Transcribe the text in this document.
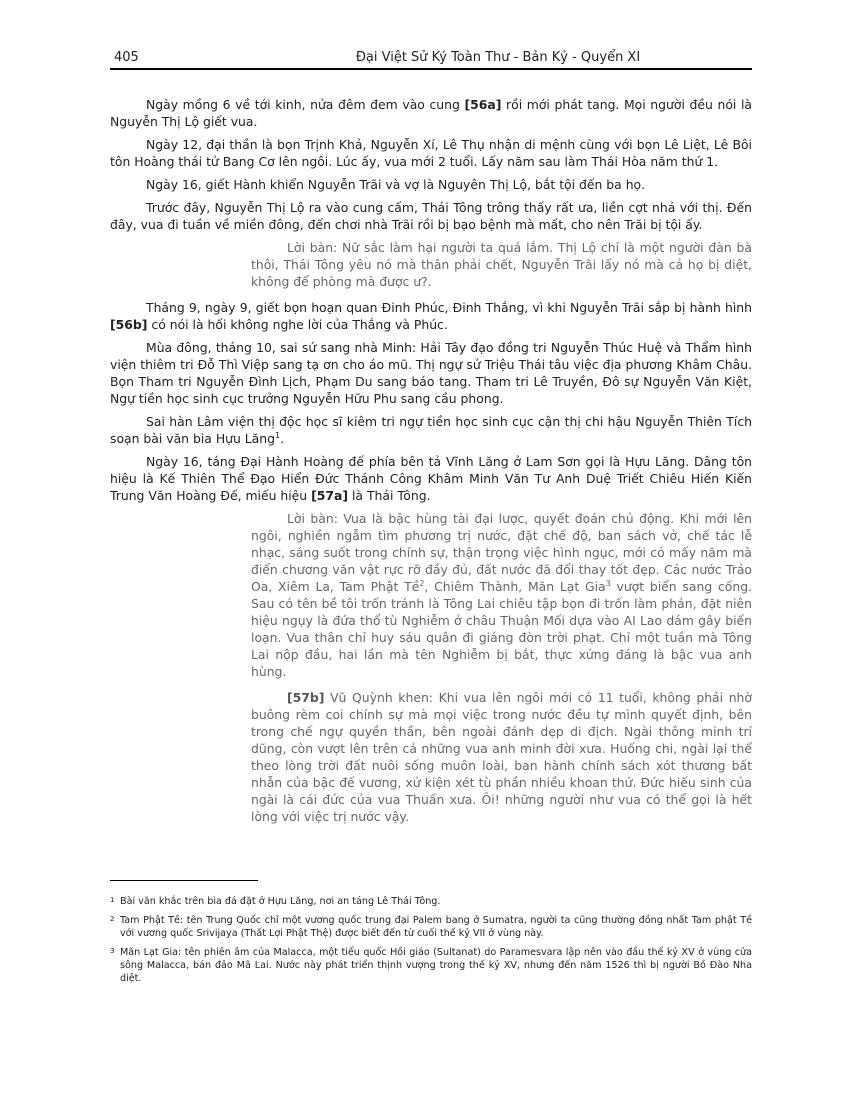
405	Đại Việt Sử Ký Toàn Thư - Bản Kỷ - Quyển XI

Ngày mồng 6 về tới kinh, nửa đêm đem vào cung [56a] rồi mới phát tang. Mọi người đều nói là Nguyễn Thị Lộ giết vua.

Ngày 12, đại thần là bọn Trịnh Khả, Nguyễn Xí, Lê Thụ nhận di mệnh cùng với bọn Lê Liệt, Lê Bôi tôn Hoàng thái tử Bang Cơ lên ngôi. Lúc ấy, vua mới 2 tuổi. Lấy năm sau làm Thái Hòa năm thứ 1.

Ngày 16, giết Hành khiển Nguyễn Trãi và vợ là Nguyên Thị Lộ, bắt tội đến ba họ.

Trước đây, Nguyễn Thị Lộ ra vào cung cấm, Thái Tông trông thấy rất ưa, liền cợt nhả với thị. Đến đây, vua đi tuần về miền đông, đến chơi nhà Trãi rồi bị bạo bệnh mà mất, cho nên Trãi bị tội ấy.

Lời bàn: Nữ sắc làm hại người ta quá lắm. Thị Lộ chỉ là một người đàn bà thôi, Thái Tông yêu nó mà thân phải chết, Nguyễn Trãi lấy nó mà cả họ bị diệt, không để phòng mà được ư?.

Tháng 9, ngày 9, giết bọn hoạn quan Đinh Phúc, Đinh Thắng, vì khi Nguyễn Trãi sắp bị hành hình [56b] có nói là hối không nghe lời của Thắng và Phúc.

Mùa đông, tháng 10, sai sứ sang nhà Minh: Hải Tây đạo đồng tri Nguyễn Thúc Huệ và Thẩm hình viện thiêm tri Đỗ Thì Việp sang tạ ơn cho áo mũ. Thị ngự sử Triệu Thái tâu việc địa phương Khâm Châu. Bọn Tham tri Nguyễn Đình Lịch, Phạm Du sang báo tang. Tham tri Lê Truyền, Đô sự Nguyễn Văn Kiệt, Ngự tiền học sinh cục trưởng Nguyễn Hữu Phu sang cầu phong.

Sai hàn Lâm viện thị độc học sĩ kiêm tri ngự tiền học sinh cục cận thị chi hậu Nguyễn Thiên Tích soạn bài văn bia Hựu Lăng$^1$.

Ngày 16, táng Đại Hành Hoàng đế phía bên tả Vĩnh Lăng ở Lam Sơn gọi là Hựu Lăng. Dâng tôn hiệu là Kế Thiên Thể Đạo Hiển Đức Thánh Công Khâm Minh Văn Tư Anh Duệ Triết Chiêu Hiến Kiến Trung Văn Hoàng Đế, miếu hiệu [57a] là Thái Tông.

Lời bàn: Vua là bậc hùng tài đại lược, quyết đoán chủ động. Khi mới lên ngôi, nghiền ngẫm tìm phương trị nước, đặt chế độ, ban sách vở, chế tác lễ nhạc, sáng suốt trong chính sự, thận trọng việc hình ngục, mới có mấy năm mà điển chương văn vật rực rỡ đầy đủ, đất nước đã đổi thay tốt đẹp. Các nước Trảo Oa, Xiêm La, Tam Phật Tề$^2$, Chiêm Thành, Mãn Lạt Gia$^3$ vượt biển sang cống. Sau có tên bề tôi trốn tránh là Tông Lai chiêu tập bọn đi trốn làm phản, đặt niên hiệu ngụy là đứa thổ tù Nghiễm ở châu Thuận Mối dựa vào AI Lao dám gây biến loạn. Vua thân chỉ huy sáu quân đi giáng đòn trời phạt. Chỉ một tuần mà Tông Lai nộp đầu, hai lần mà tên Nghiễm bị bắt, thực xứng đáng là bậc vua anh hùng.

[57b] Vũ Quỳnh khen: Khi vua lên ngôi mới có 11 tuổi, không phải nhờ buông rèm coi chính sự mà mọi việc trong nước đều tự mình quyết định, bên trong chế ngự quyền thần, bên ngoài đánh dẹp di địch. Ngài thông minh trí dũng, còn vượt lên trên cả những vua anh minh đời xưa. Huống chi, ngài lại thể theo lòng trời đất nuôi sống muôn loài, ban hành chính sách xót thương bất nhẫn của bậc đế vương, xử kiện xét tù phần nhiều khoan thứ. Đức hiếu sinh của ngài là cái đức của vua Thuấn xưa. Ôi! những người như vua có thể gọi là hết lòng với việc trị nước vậy.

1 Bài văn khắc trên bia đá đặt ở Hựu Lăng, nơi an táng Lê Thái Tông.
2 Tam Phật Tề: tên Trung Quốc chỉ một vương quốc trung đại Palem bang ở Sumatra, người ta cũng thường đồng nhất Tam phật Tề với vương quốc Srivijaya (Thất Lợi Phật Thệ) được biết đến từ cuối thế kỷ VII ở vùng này.
3 Mãn Lạt Gia: tên phiên âm của Malacca, một tiểu quốc Hồi giáo (Sultanat) do Paramesvara lập nên vào đầu thế kỷ XV ở vùng cửa sông Malacca, bán đảo Mã Lai. Nước này phát triển thịnh vượng trong thế kỷ XV, nhưng đến năm 1526 thì bị người Bồ Đào Nha diệt.
